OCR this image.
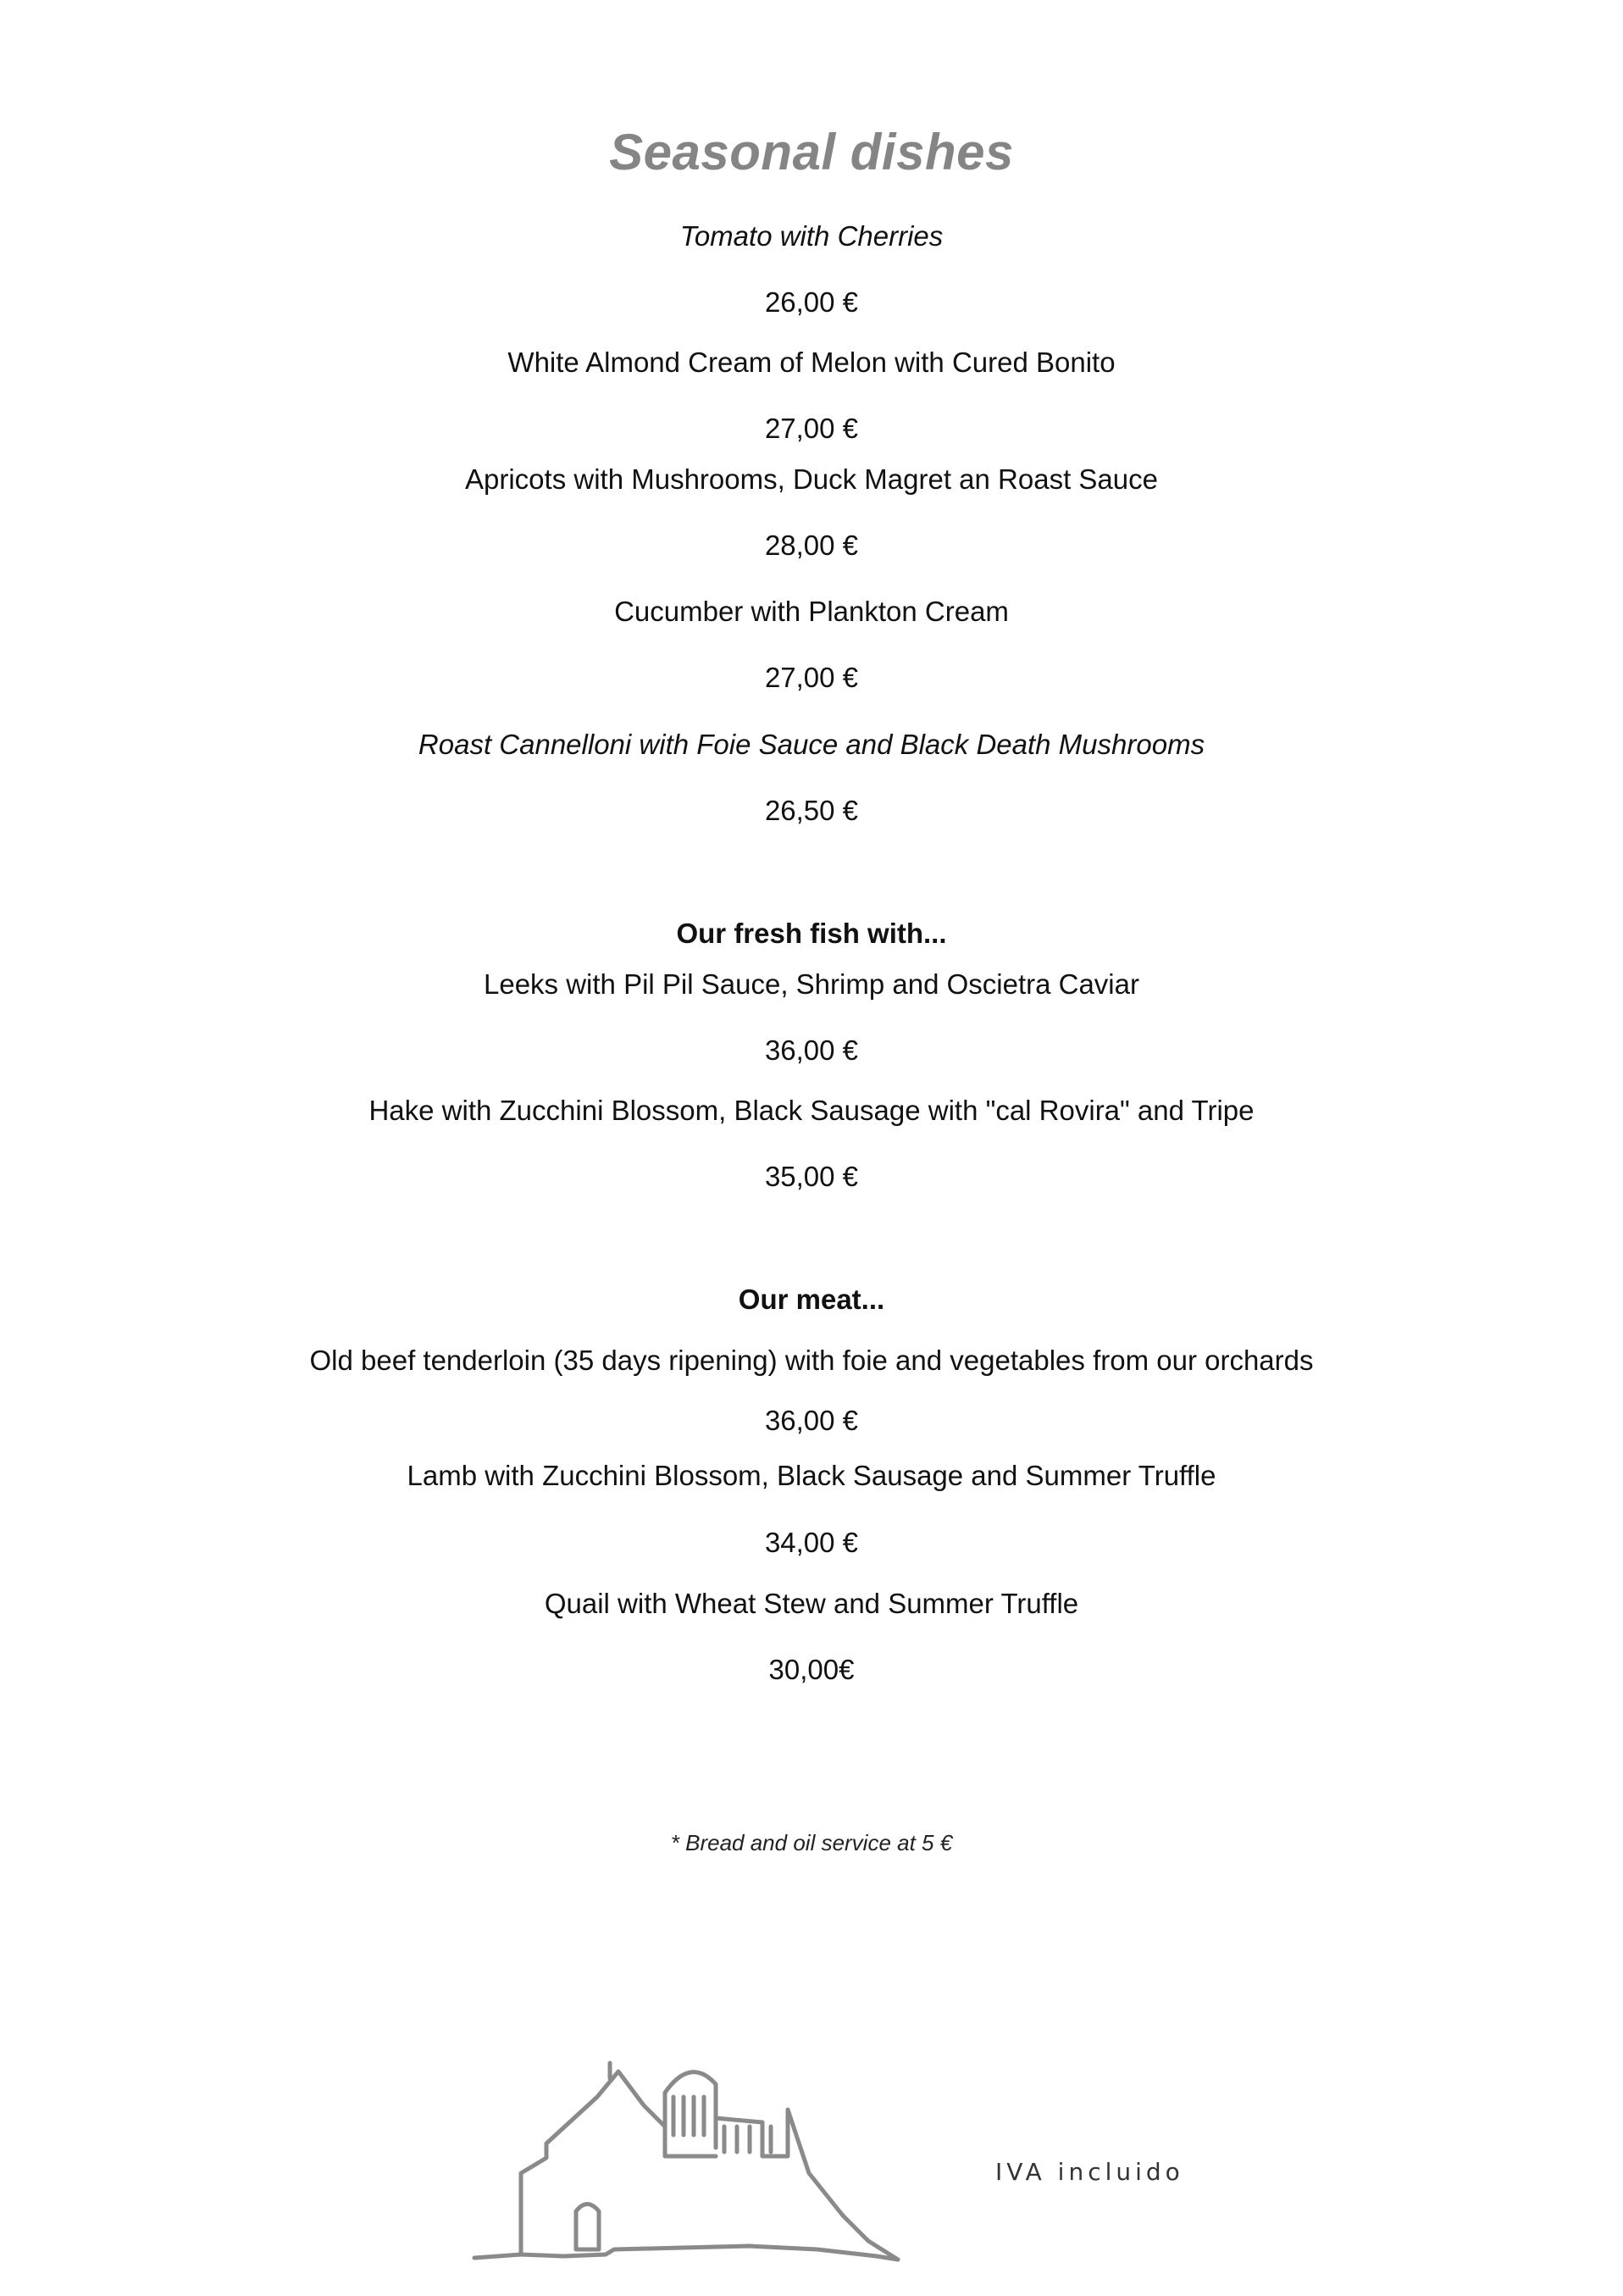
Seasonal dishes
Tomato with Cherries
26,00 €
White Almond Cream of Melon with Cured Bonito
27,00 €
Apricots with Mushrooms, Duck Magret an Roast Sauce
28,00 €
Cucumber with Plankton Cream
27,00 €
Roast Cannelloni with Foie Sauce and Black Death Mushrooms
26,50 €
Our fresh fish with...
Leeks with Pil Pil Sauce, Shrimp and Oscietra Caviar
36,00 €
Hake with Zucchini Blossom, Black Sausage with "cal Rovira" and Tripe
35,00 €
Our meat...
Old beef tenderloin (35 days ripening) with foie and vegetables from our orchards
36,00 €
Lamb with Zucchini Blossom, Black Sausage and Summer Truffle
34,00 €
Quail with Wheat Stew and Summer Truffle
30,00€
* Bread and oil service at 5 €
IVA incluido
